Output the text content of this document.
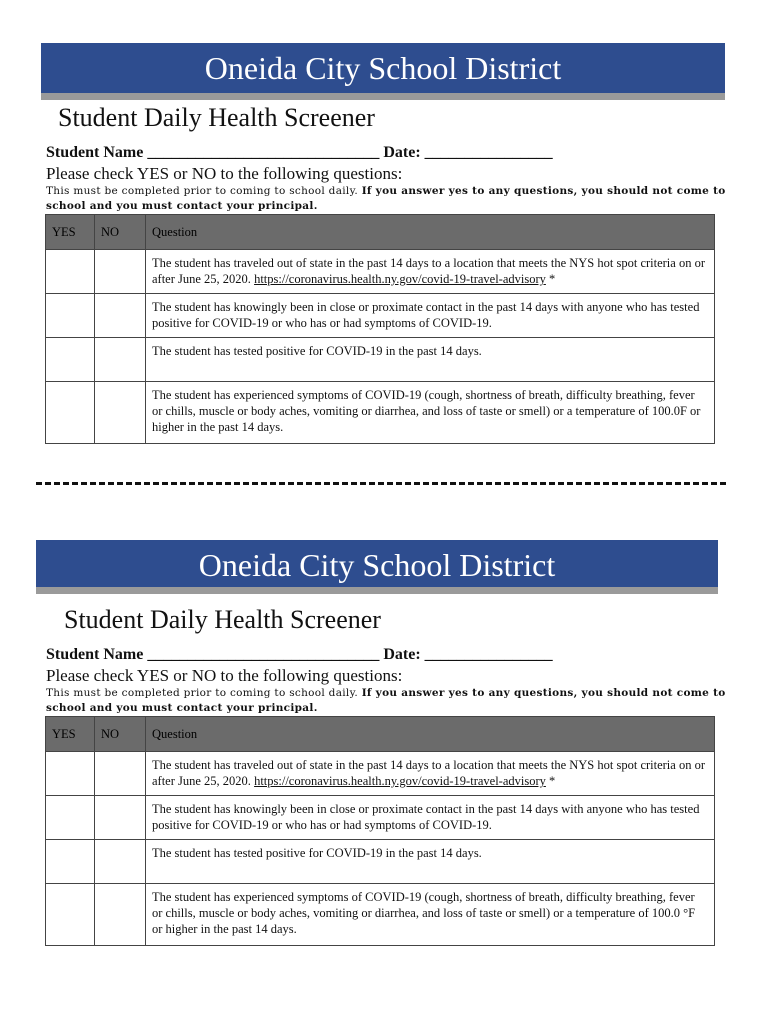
Oneida City School District
Student Daily Health Screener
Student Name _____________________________ Date: ________________
Please check YES or NO to the following questions:
This must be completed prior to coming to school daily. If you answer yes to any questions, you should not come to school and you must contact your principal.
YES	NO	Question
		The student has traveled out of state in the past 14 days to a location that meets the NYS hot spot criteria on or after June 25, 2020. https://coronavirus.health.ny.gov/covid-19-travel-advisory *
		The student has knowingly been in close or proximate contact in the past 14 days with anyone who has tested positive for COVID-19 or who has or had symptoms of COVID-19.
		The student has tested positive for COVID-19 in the past 14 days.
		The student has experienced symptoms of COVID-19 (cough, shortness of breath, difficulty breathing, fever or chills, muscle or body aches, vomiting or diarrhea, and loss of taste or smell) or a temperature of 100.0F or higher in the past 14 days.
Oneida City School District
Student Daily Health Screener
Student Name _____________________________ Date: ________________
Please check YES or NO to the following questions:
This must be completed prior to coming to school daily. If you answer yes to any questions, you should not come to school and you must contact your principal.
YES	NO	Question
		The student has traveled out of state in the past 14 days to a location that meets the NYS hot spot criteria on or after June 25, 2020. https://coronavirus.health.ny.gov/covid-19-travel-advisory *
		The student has knowingly been in close or proximate contact in the past 14 days with anyone who has tested positive for COVID-19 or who has or had symptoms of COVID-19.
		The student has tested positive for COVID-19 in the past 14 days.
		The student has experienced symptoms of COVID-19 (cough, shortness of breath, difficulty breathing, fever or chills, muscle or body aches, vomiting or diarrhea, and loss of taste or smell) or a temperature of 100.0 °F or higher in the past 14 days.
